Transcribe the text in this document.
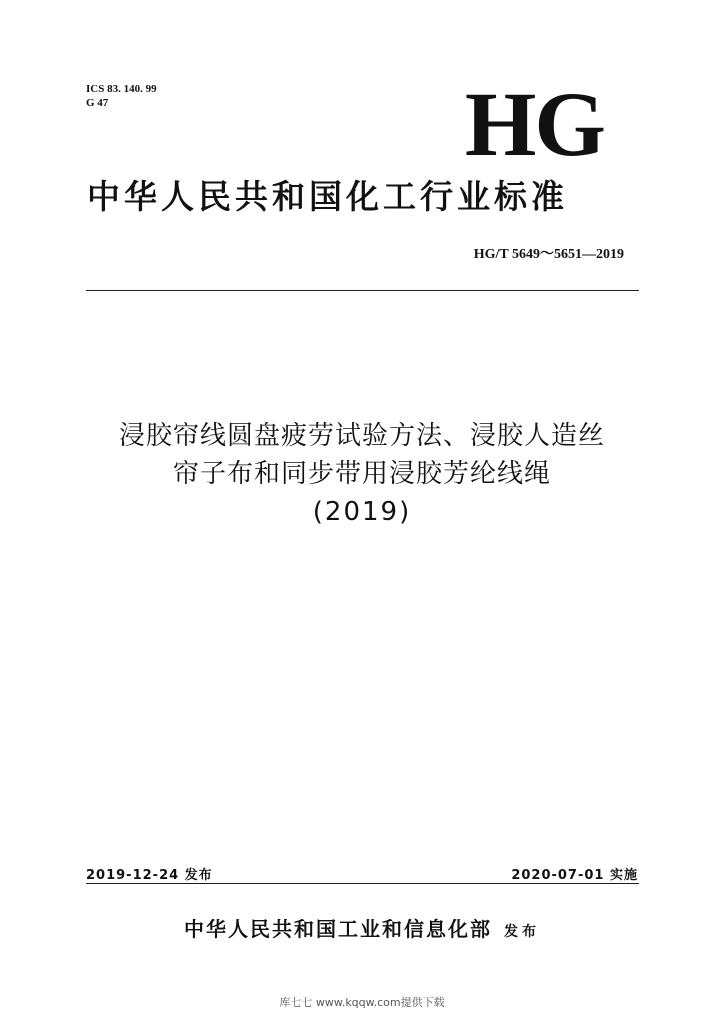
ICS 83. 140. 99
G 47	HG
中华人民共和国化工行业标准
HG/T 5649～5651—2019
浸胶帘线圆盘疲劳试验方法、浸胶人造丝
帘子布和同步带用浸胶芳纶线绳
(2019)
2019-12-24 发布	2020-07-01 实施
中华人民共和国工业和信息化部 发布
库七七 www.kqqw.com提供下载
